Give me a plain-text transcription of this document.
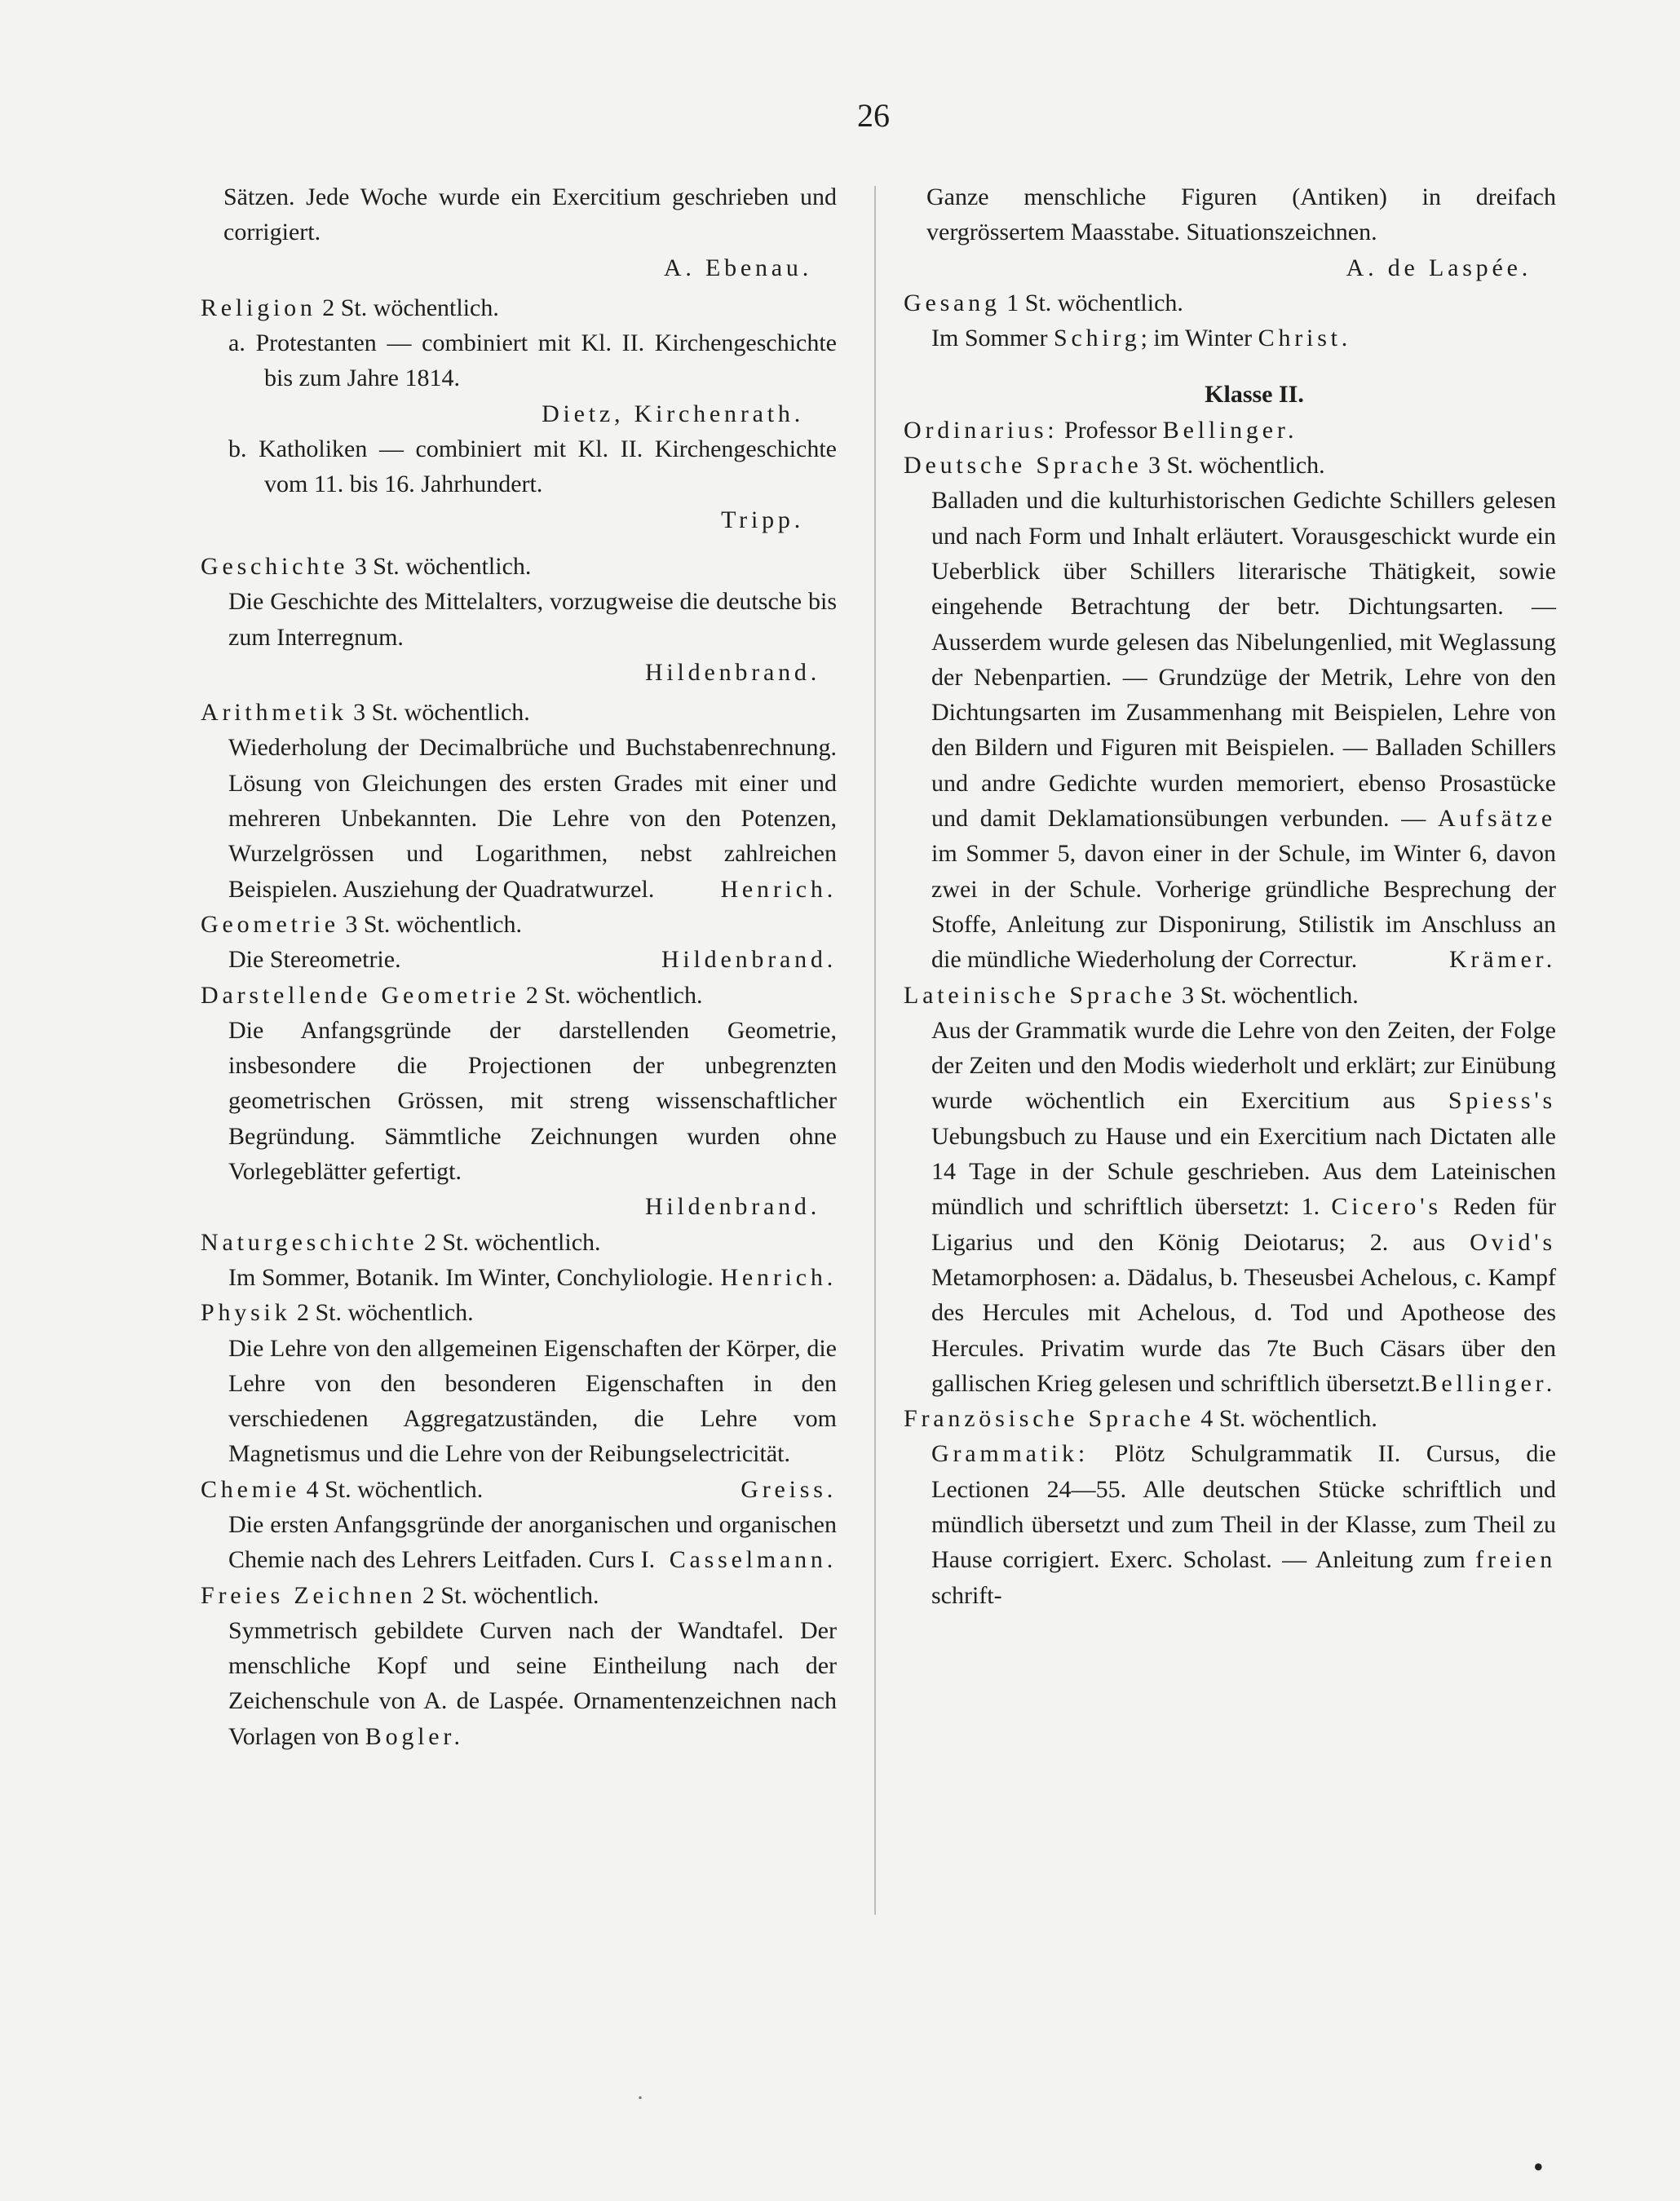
26
Sätzen. Jede Woche wurde ein Exercitium geschrieben und corrigiert.
A. Ebenau.
Religion 2 St. wöchentlich.
a. Protestanten — combiniert mit Kl. II. Kirchengeschichte bis zum Jahre 1814.
Dietz, Kirchenrath.
b. Katholiken — combiniert mit Kl. II. Kirchengeschichte vom 11. bis 16. Jahrhundert.
Tripp.
Geschichte 3 St. wöchentlich.
Die Geschichte des Mittelalters, vorzugweise die deutsche bis zum Interregnum.
Hildenbrand.
Arithmetik 3 St. wöchentlich.
Wiederholung der Decimalbrüche und Buchstabenrechnung. Lösung von Gleichungen des ersten Grades mit einer und mehreren Unbekannten. Die Lehre von den Potenzen, Wurzelgrössen und Logarithmen, nebst zahlreichen Beispielen. Ausziehung der Quadratwurzel.	Henrich.
Geometrie 3 St. wöchentlich.
Die Stereometrie.	Hildenbrand.
Darstellende Geometrie 2 St. wöchentlich.
Die Anfangsgründe der darstellenden Geometrie, insbesondere die Projectionen der unbegrenzten geometrischen Grössen, mit streng wissenschaftlicher Begründung. Sämmtliche Zeichnungen wurden ohne Vorlegeblätter gefertigt.
Hildenbrand.
Naturgeschichte 2 St. wöchentlich.
Im Sommer, Botanik. Im Winter, Conchyliologie. Henrich.
Physik 2 St. wöchentlich.
Die Lehre von den allgemeinen Eigenschaften der Körper, die Lehre von den besonderen Eigenschaften in den verschiedenen Aggregatzuständen, die Lehre vom Magnetismus und die Lehre von der Reibungselectricität.
Greiss.
Chemie 4 St. wöchentlich.
Die ersten Anfangsgründe der anorganischen und organischen Chemie nach des Lehrers Leitfaden. Curs I. Casselmann.
Freies Zeichnen 2 St. wöchentlich.
Symmetrisch gebildete Curven nach der Wandtafel. Der menschliche Kopf und seine Eintheilung nach der Zeichenschule von A. de Laspée. Ornamentenzeichnen nach Vorlagen von Bogler.
Ganze menschliche Figuren (Antiken) in dreifach vergrössertem Maasstabe. Situationszeichnen.
A. de Laspée.
Gesang 1 St. wöchentlich.
Im Sommer Schirg; im Winter Christ.
Klasse II.
Ordinarius: Professor Bellinger.
Deutsche Sprache 3 St. wöchentlich.
Balladen und die kulturhistorischen Gedichte Schillers gelesen und nach Form und Inhalt erläutert. Vorausgeschickt wurde ein Ueberblick über Schillers literarische Thätigkeit, sowie eingehende Betrachtung der betr. Dichtungsarten. — Ausserdem wurde gelesen das Nibelungenlied, mit Weglassung der Nebenpartien. — Grundzüge der Metrik, Lehre von den Dichtungsarten im Zusammenhang mit Beispielen, Lehre von den Bildern und Figuren mit Beispielen. — Balladen Schillers und andre Gedichte wurden memoriert, ebenso Prosastücke und damit Deklamationsübungen verbunden. — Aufsätze im Sommer 5, davon einer in der Schule, im Winter 6, davon zwei in der Schule. Vorherige gründliche Besprechung der Stoffe, Anleitung zur Disponirung, Stilistik im Anschluss an die mündliche Wiederholung der Correctur.	Krämer.
Lateinische Sprache 3 St. wöchentlich.
Aus der Grammatik wurde die Lehre von den Zeiten, der Folge der Zeiten und den Modis wiederholt und erklärt; zur Einübung wurde wöchentlich ein Exercitium aus Spiess's Uebungsbuch zu Hause und ein Exercitium nach Dictaten alle 14 Tage in der Schule geschrieben. Aus dem Lateinischen mündlich und schriftlich übersetzt: 1. Cicero's Reden für Ligarius und den König Deiotarus; 2. aus Ovid's Metamorphosen: a. Dädalus, b. Theseusbei Achelous, c. Kampf des Hercules mit Achelous, d. Tod und Apotheose des Hercules. Privatim wurde das 7te Buch Cäsars über den gallischen Krieg gelesen und schriftlich übersetzt. Bellinger.
Französische Sprache 4 St. wöchentlich.
Grammatik: Plötz Schulgrammatik II. Cursus, die Lectionen 24—55. Alle deutschen Stücke schriftlich und mündlich übersetzt und zum Theil in der Klasse, zum Theil zu Hause corrigiert. Exerc. Scholast. — Anleitung zum freien schrift-
·
•
